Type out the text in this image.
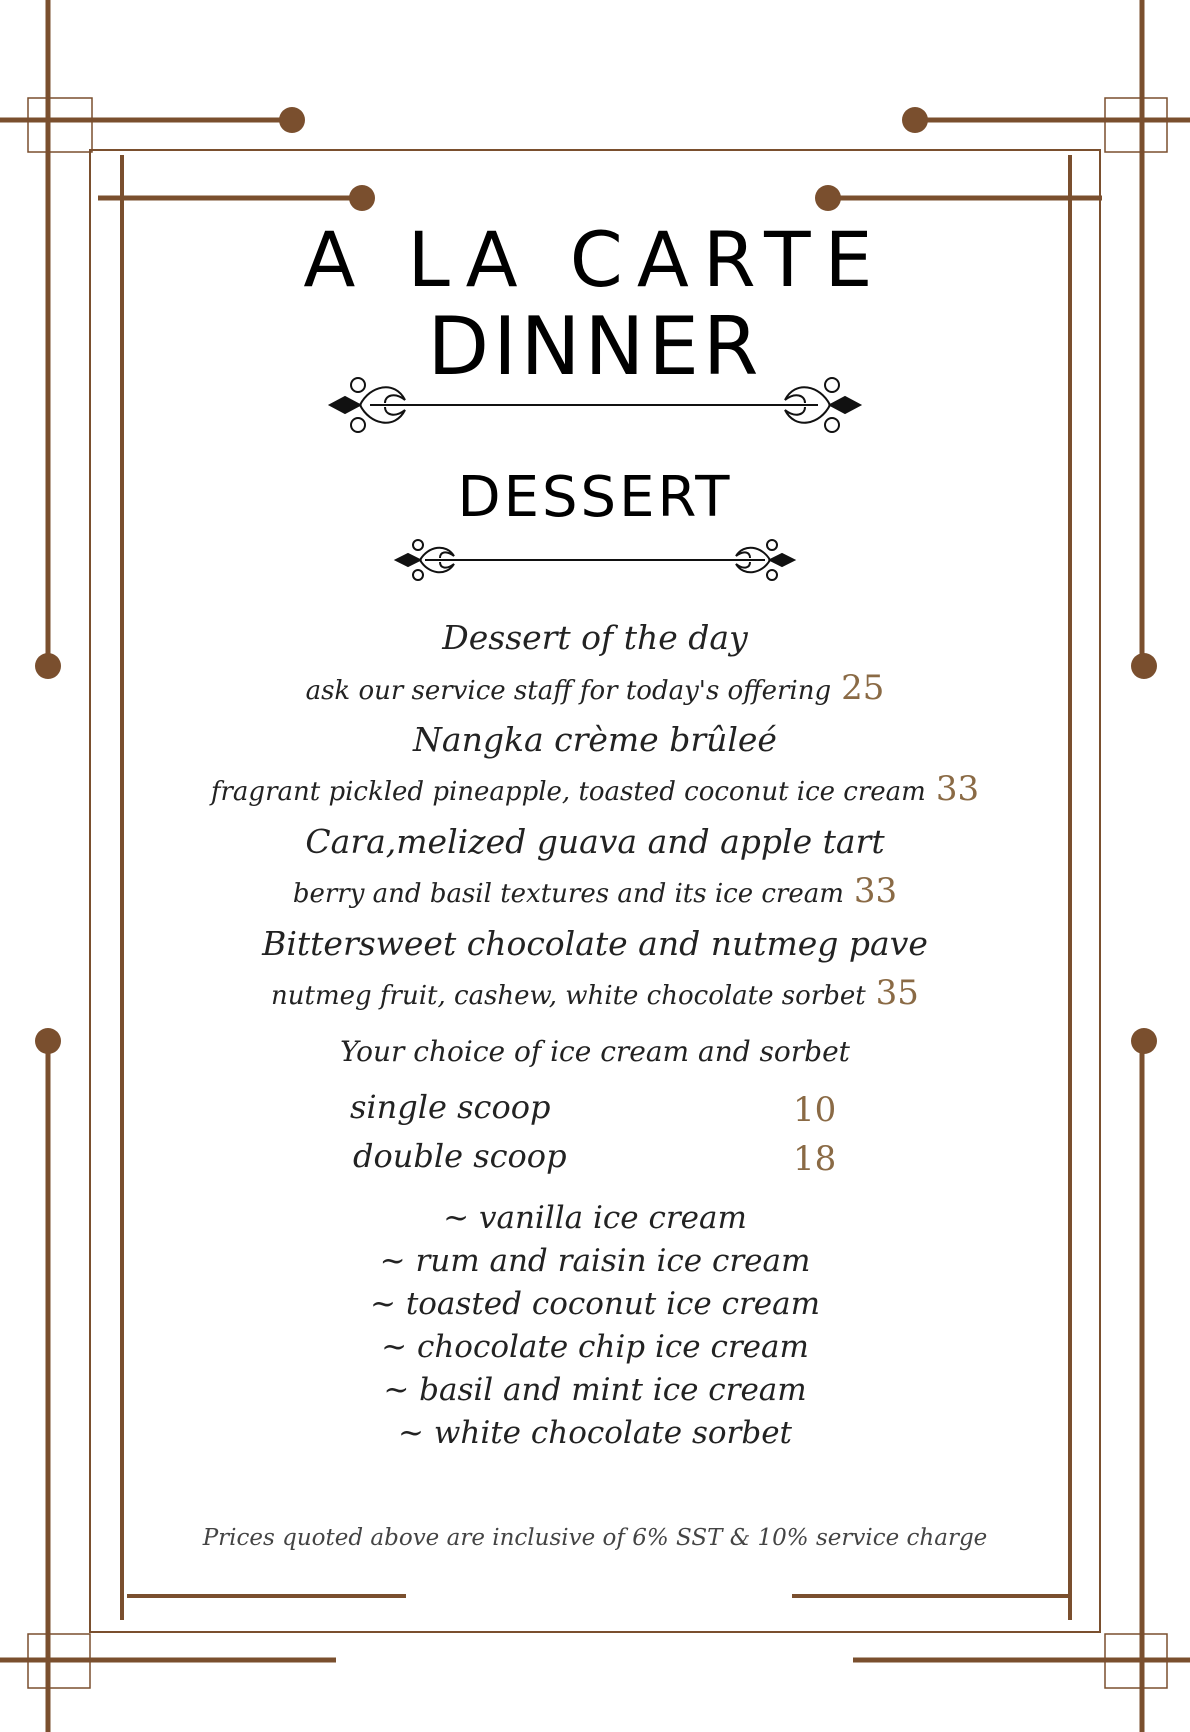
A LA CARTE
DINNER
DESSERT
Dessert of the day
ask our service staff for today's offering 25
Nangka crème brûleé
fragrant pickled pineapple, toasted coconut ice cream 33
Cara,melized guava and apple tart
berry and basil textures and its ice cream 33
Bittersweet chocolate and nutmeg pave
nutmeg fruit, cashew, white chocolate sorbet 35
Your choice of ice cream and sorbet
single scoop	10
double scoop	18
~ vanilla ice cream
~ rum and raisin ice cream
~ toasted coconut ice cream
~ chocolate chip ice cream
~ basil and mint ice cream
~ white chocolate sorbet
Prices quoted above are inclusive of 6% SST & 10% service charge
